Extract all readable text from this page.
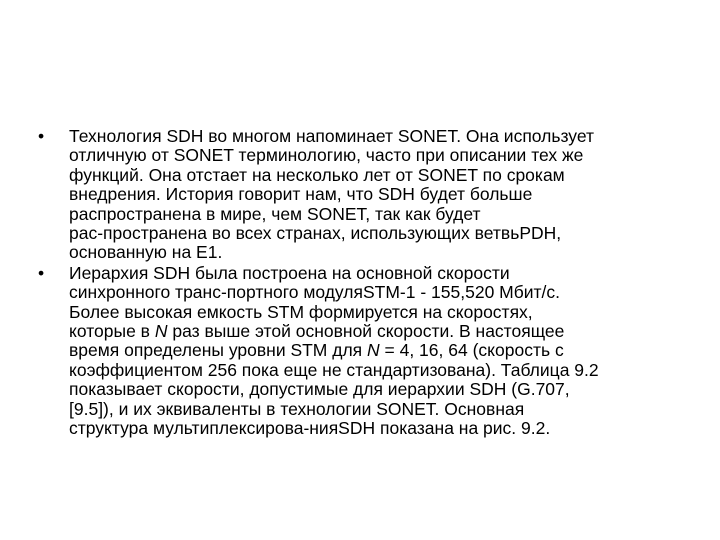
•	Технология SDH во многом напоминает SONET. Она использует
отличную от SONET терминологию, часто при описании тех же
функций. Она отстает на несколько лет от SONET по срокам
внедрения. История говорит нам, что SDH будет больше
распространена в мире, чем SONET, так как будет
рас-пространена во всех странах, использующих ветвьPDH,
основанную на E1.
•	Иерархия SDH была построена на основной скорости
синхронного транс-портного модуляSTM-1 - 155,520 Мбит/с.
Более высокая емкость STM формируется на скоростях,
которые в N раз выше этой основной скорости. В настоящее
время определены уровни STM для N = 4, 16, 64 (скорость с
коэффициентом 256 пока еще не стандартизована). Таблица 9.2
показывает скорости, допустимые для иерархии SDH (G.707,
[9.5]), и их эквиваленты в технологии SONET. Основная
структура мультиплексирова-нияSDH показана на рис. 9.2.
